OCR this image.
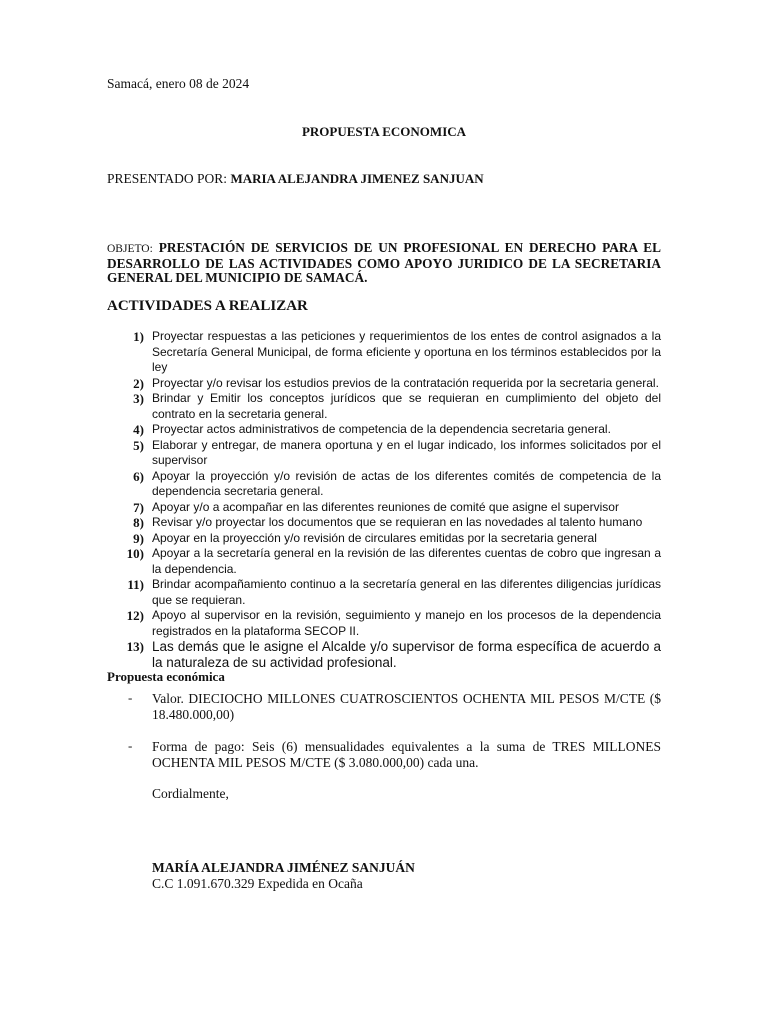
Samacá, enero 08 de 2024
PROPUESTA ECONOMICA
PRESENTADO POR: MARIA ALEJANDRA JIMENEZ SANJUAN
OBJETO: PRESTACIÓN DE SERVICIOS DE UN PROFESIONAL EN DERECHO PARA EL DESARROLLO DE LAS ACTIVIDADES COMO APOYO JURIDICO DE LA SECRETARIA GENERAL DEL MUNICIPIO DE SAMACÁ.
ACTIVIDADES A REALIZAR
1) Proyectar respuestas a las peticiones y requerimientos de los entes de control asignados a la Secretaría General Municipal, de forma eficiente y oportuna en los términos establecidos por la ley
2) Proyectar y/o revisar los estudios previos de la contratación requerida por la secretaria general.
3) Brindar y Emitir los conceptos jurídicos que se requieran en cumplimiento del objeto del contrato en la secretaria general.
4) Proyectar actos administrativos de competencia de la dependencia secretaria general.
5) Elaborar y entregar, de manera oportuna y en el lugar indicado, los informes solicitados por el supervisor
6) Apoyar la proyección y/o revisión de actas de los diferentes comités de competencia de la dependencia secretaria general.
7) Apoyar y/o a acompañar en las diferentes reuniones de comité que asigne el supervisor
8) Revisar y/o proyectar los documentos que se requieran en las novedades al talento humano
9) Apoyar en la proyección y/o revisión de circulares emitidas por la secretaria general
10) Apoyar a la secretaría general en la revisión de las diferentes cuentas de cobro que ingresan a la dependencia.
11) Brindar acompañamiento continuo a la secretaría general en las diferentes diligencias jurídicas que se requieran.
12) Apoyo al supervisor en la revisión, seguimiento y manejo en los procesos de la dependencia registrados en la plataforma SECOP II.
13) Las demás que le asigne el Alcalde y/o supervisor de forma específica de acuerdo a la naturaleza de su actividad profesional.
Propuesta económica
- Valor. DIECIOCHO MILLONES CUATROSCIENTOS OCHENTA MIL PESOS M/CTE ($ 18.480.000,00)
- Forma de pago: Seis (6) mensualidades equivalentes a la suma de TRES MILLONES OCHENTA MIL PESOS M/CTE ($ 3.080.000,00) cada una.
Cordialmente,
MARÍA ALEJANDRA JIMÉNEZ SANJUÁN
C.C 1.091.670.329 Expedida en Ocaña
